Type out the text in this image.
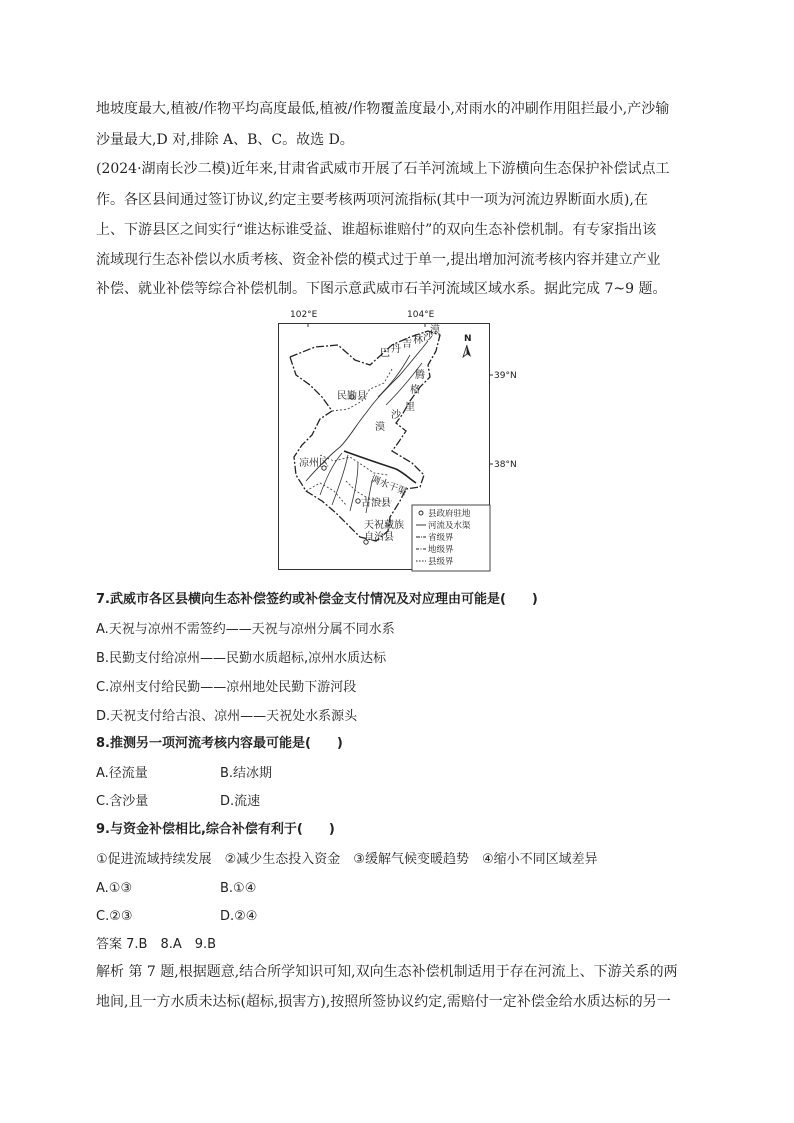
地坡度最大,植被/作物平均高度最低,植被/作物覆盖度最小,对雨水的冲刷作用阻拦最小,产沙输

沙量最大,D 对,排除 A、B、C。故选 D。

(2024·湖南长沙二模)近年来,甘肃省武威市开展了石羊河流域上下游横向生态保护补偿试点工

作。各区县间通过签订协议,约定主要考核两项河流指标(其中一项为河流边界断面水质),在

上、下游县区之间实行“谁达标谁受益、谁超标谁赔付”的双向生态补偿机制。有专家指出该

流域现行生态补偿以水质考核、资金补偿的模式过于单一,提出增加河流考核内容并建立产业

补偿、就业补偿等综合补偿机制。下图示意武威市石羊河流域区域水系。据此完成 7~9 题。

102°E	104°E
39°N
38°N
N
巴 丹 吉 林 沙
漠
腾
格
里
沙
漠
民勤县
凉州区
古浪县
天祝藏族
自治县
调水干渠
县政府驻地
河流及水渠
省级界
地级界
县级界

7.武威市各区县横向生态补偿签约或补偿金支付情况及对应理由可能是(　　)

A.天祝与凉州不需签约——天祝与凉州分属不同水系

B.民勤支付给凉州——民勤水质超标,凉州水质达标

C.凉州支付给民勤——凉州地处民勤下游河段

D.天祝支付给古浪、凉州——天祝处水系源头

8.推测另一项河流考核内容最可能是(　　)

A.径流量	B.结冰期

C.含沙量	D.流速

9.与资金补偿相比,综合补偿有利于(　　)

①促进流域持续发展　②减少生态投入资金　③缓解气候变暖趋势　④缩小不同区域差异

A.①③	B.①④

C.②③	D.②④

答案 7.B　8.A　9.B

解析 第 7 题,根据题意,结合所学知识可知,双向生态补偿机制适用于存在河流上、下游关系的两

地间,且一方水质未达标(超标,损害方),按照所签协议约定,需赔付一定补偿金给水质达标的另一
